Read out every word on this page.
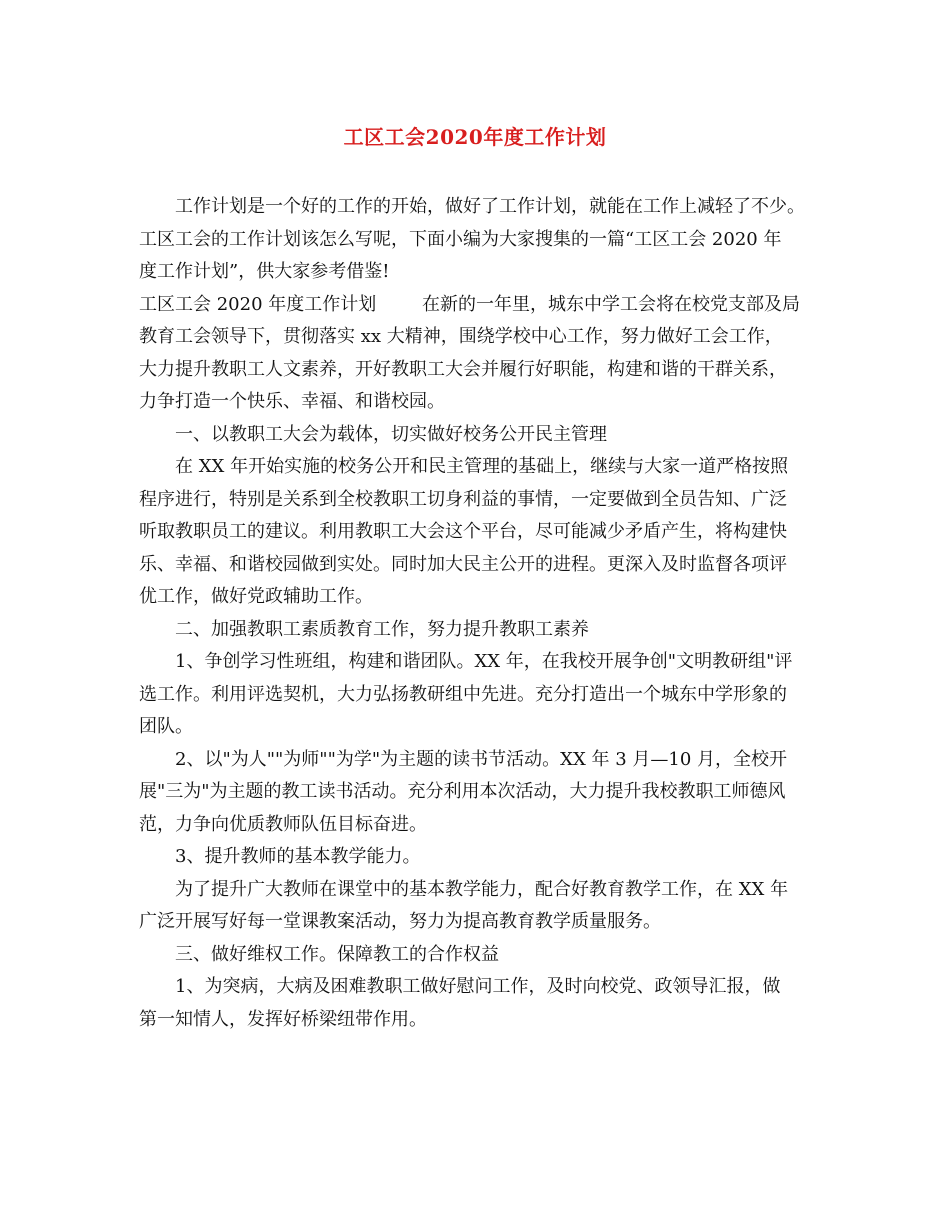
工区工会2020年度工作计划
工作计划是一个好的工作的开始，做好了工作计划，就能在工作上减轻了不少。
工区工会的工作计划该怎么写呢，下面小编为大家搜集的一篇“工区工会 2020 年
度工作计划”，供大家参考借鉴!
工区工会 2020 年度工作计划        在新的一年里，城东中学工会将在校党支部及局
教育工会领导下，贯彻落实 xx 大精神，围绕学校中心工作，努力做好工会工作，
大力提升教职工人文素养，开好教职工大会并履行好职能，构建和谐的干群关系，
力争打造一个快乐、幸福、和谐校园。
一、以教职工大会为载体，切实做好校务公开民主管理
在 XX 年开始实施的校务公开和民主管理的基础上，继续与大家一道严格按照
程序进行，特别是关系到全校教职工切身利益的事情，一定要做到全员告知、广泛
听取教职员工的建议。利用教职工大会这个平台，尽可能减少矛盾产生，将构建快
乐、幸福、和谐校园做到实处。同时加大民主公开的进程。更深入及时监督各项评
优工作，做好党政辅助工作。
二、加强教职工素质教育工作，努力提升教职工素养
1、争创学习性班组，构建和谐团队。XX 年，在我校开展争创"文明教研组"评
选工作。利用评选契机，大力弘扬教研组中先进。充分打造出一个城东中学形象的
团队。
2、以"为人""为师""为学"为主题的读书节活动。XX 年 3 月—10 月，全校开
展"三为"为主题的教工读书活动。充分利用本次活动，大力提升我校教职工师德风
范，力争向优质教师队伍目标奋进。
3、提升教师的基本教学能力。
为了提升广大教师在课堂中的基本教学能力，配合好教育教学工作，在 XX 年
广泛开展写好每一堂课教案活动，努力为提高教育教学质量服务。
三、做好维权工作。保障教工的合作权益
1、为突病，大病及困难教职工做好慰问工作，及时向校党、政领导汇报，做
第一知情人，发挥好桥梁纽带作用。
